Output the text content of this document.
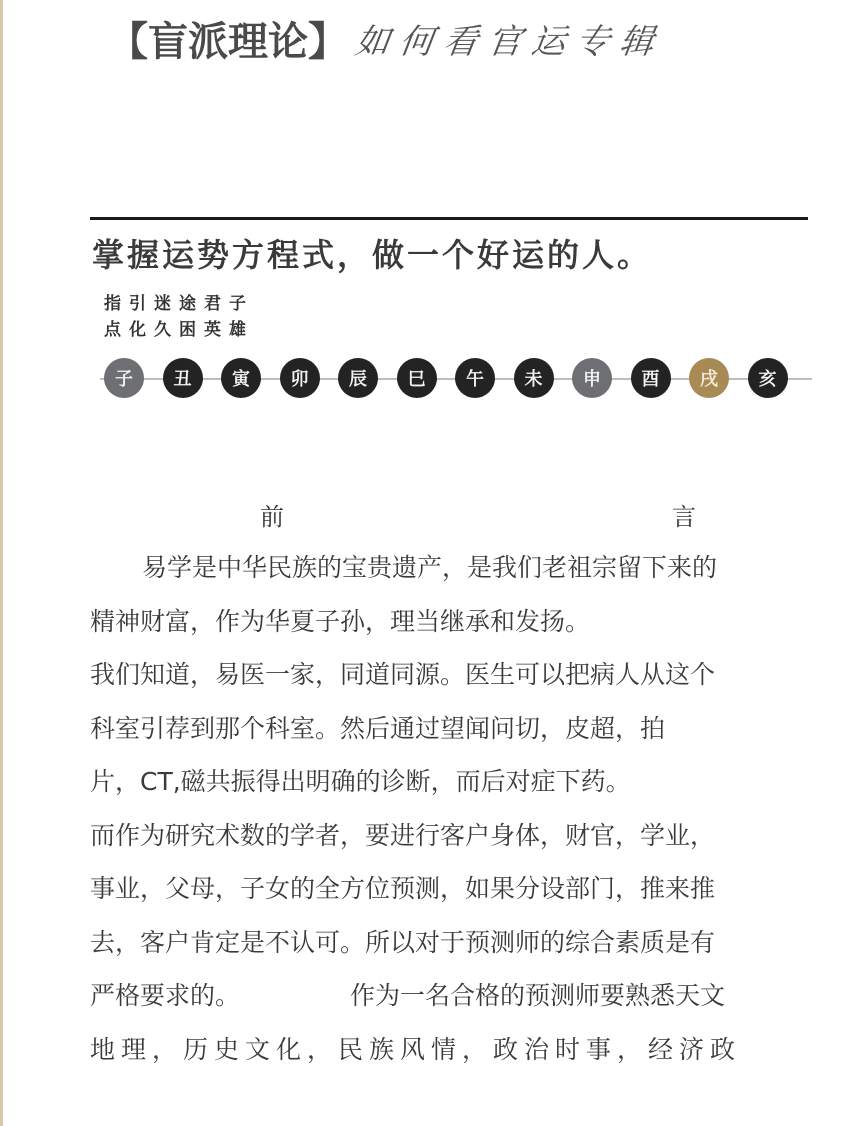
【盲派理论】 如何看官运专辑
掌握运势方程式，做一个好运的人。
指引迷途君子
点化久困英雄
子	丑	寅	卯	辰	巳	午	未	申	酉	戌	亥
前	言

易学是中华民族的宝贵遗产，是我们老祖宗留下来的

精神财富，作为华夏子孙，理当继承和发扬。

我们知道，易医一家，同道同源。医生可以把病人从这个

科室引荐到那个科室。然后通过望闻问切，皮超，拍

片，CT,磁共振得出明确的诊断，而后对症下药。

而作为研究术数的学者，要进行客户身体，财官，学业，

事业，父母，子女的全方位预测，如果分设部门，推来推

去，客户肯定是不认可。所以对于预测师的综合素质是有

严格要求的。	作为一名合格的预测师要熟悉天文

地理，历史文化，民族风情，政治时事，经济政
